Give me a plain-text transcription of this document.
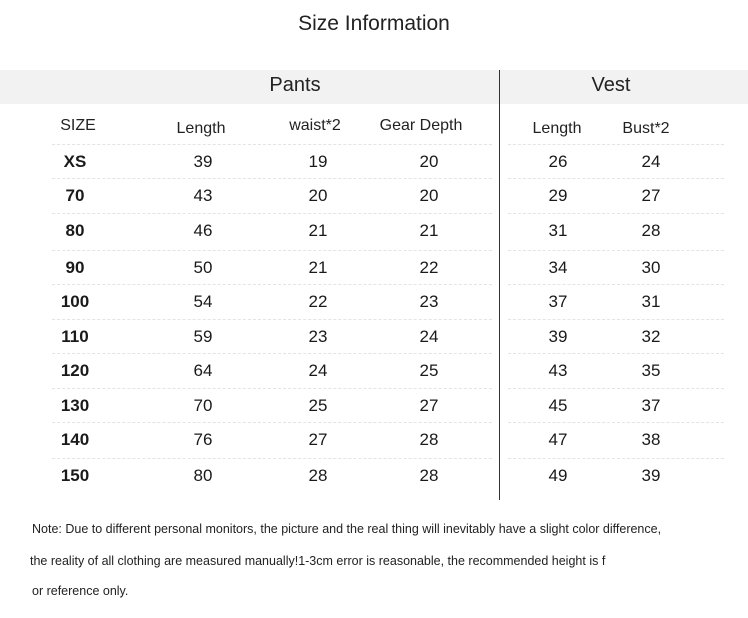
Size Information
Pants	Vest
SIZE	Length	waist*2	Gear Depth	Length	Bust*2
XS	39	19	20	26	24
70	43	20	20	29	27
80	46	21	21	31	28
90	50	21	22	34	30
100	54	22	23	37	31
110	59	23	24	39	32
120	64	24	25	43	35
130	70	25	27	45	37
140	76	27	28	47	38
150	80	28	28	49	39
Note: Due to different personal monitors, the picture and the real thing will inevitably have a slight color difference,
the reality of all clothing are measured manually!1-3cm error is reasonable, the recommended height is f
or reference only.
